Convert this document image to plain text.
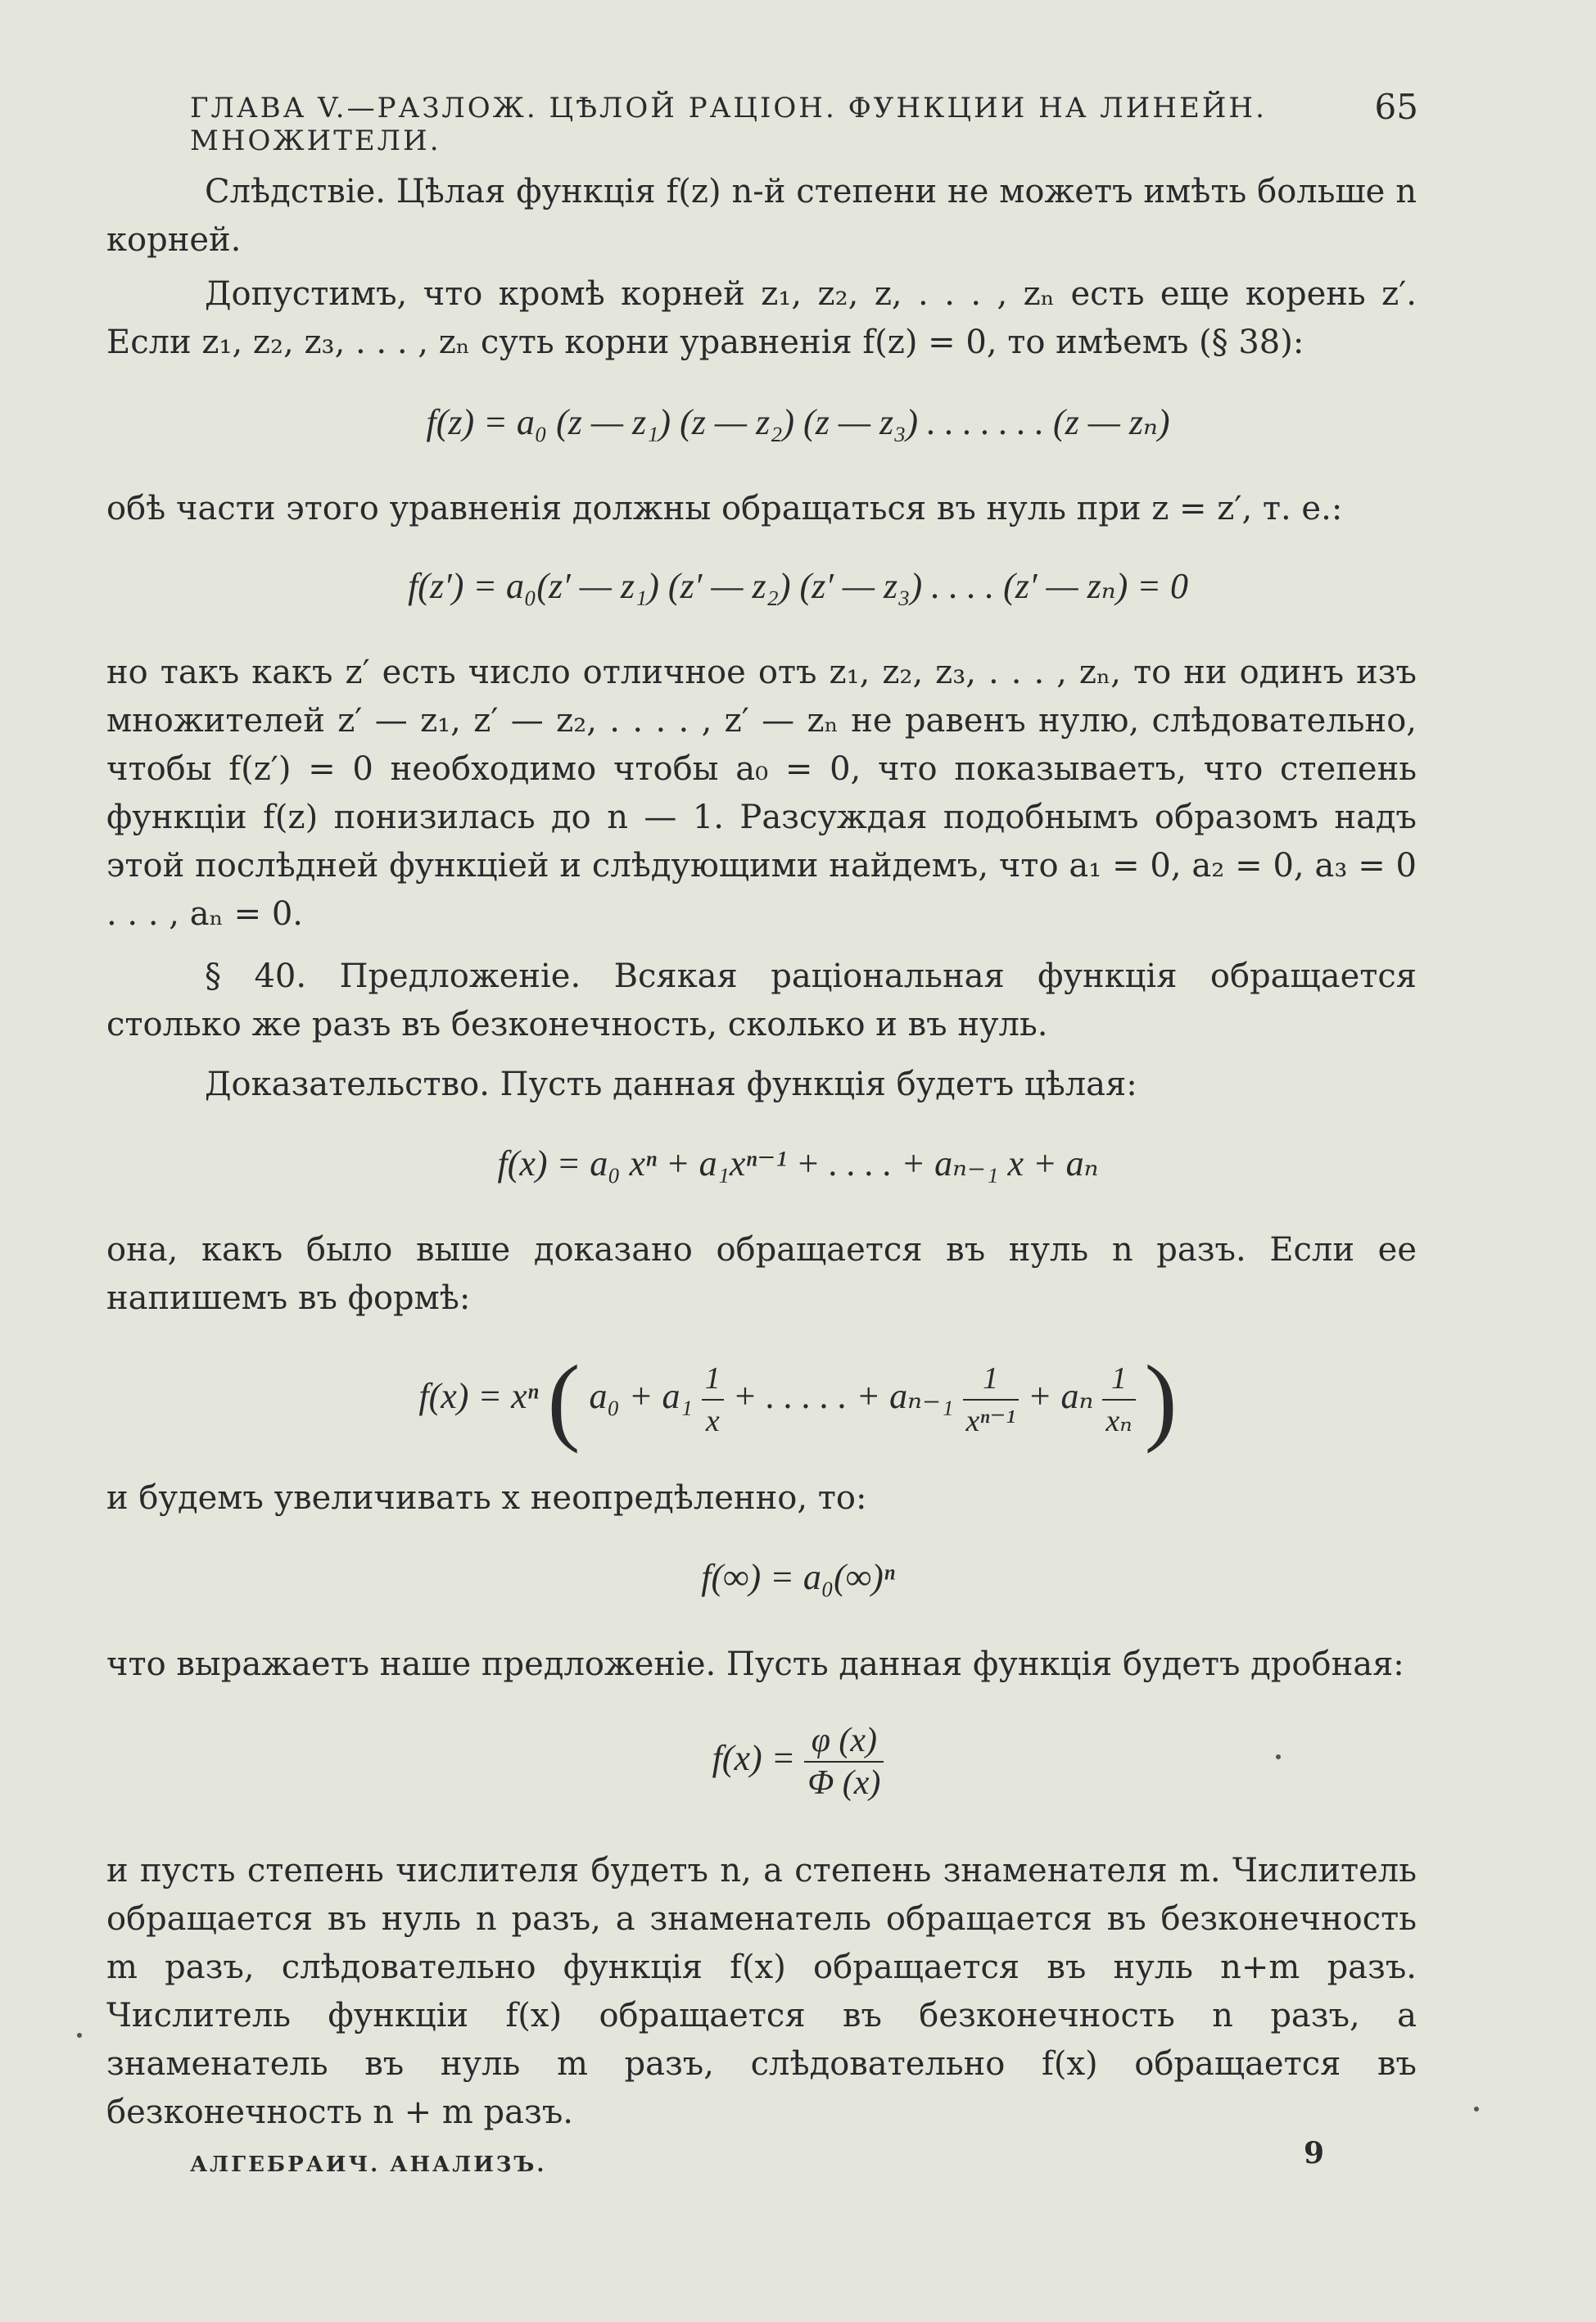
ГЛАВА V.—РАЗЛОЖ. ЦѢЛОЙ РАЦІОН. ФУНКЦИИ НА ЛИНЕЙН. МНОЖИТЕЛИ.
65
Слѣдствіе. Цѣлая функція f(z) n-й степени не можетъ имѣть больше n корней.
Допустимъ, что кромѣ корней z₁, z₂, z, . . . , zₙ есть еще корень z′. Если z₁, z₂, z₃, . . . , zₙ суть корни уравненія f(z) = 0, то имѣемъ (§ 38):
f(z) = a₀ (z — z₁) (z — z₂) (z — z₃) . . . . . . . (z — zₙ)
обѣ части этого уравненія должны обращаться въ нуль при z = z′, т. е.:
f(z′) = a₀(z′ — z₁) (z′ — z₂) (z′ — z₃) . . . . (z′ — zₙ) = 0
но такъ какъ z′ есть число отличное отъ z₁, z₂, z₃, . . . , zₙ, то ни одинъ изъ множителей z′ — z₁, z′ — z₂, . . . . , z′ — zₙ не равенъ нулю, слѣдовательно, чтобы f(z′) = 0 необходимо чтобы a₀ = 0, что показываетъ, что степень функціи f(z) понизилась до n — 1. Разсуждая подобнымъ образомъ надъ этой послѣдней функціей и слѣдующими найдемъ, что a₁ = 0, a₂ = 0, a₃ = 0 . . . , aₙ = 0.
§ 40. Предложеніе. Всякая раціональная функція обращается столько же разъ въ безконечность, сколько и въ нуль.
Доказательство. Пусть данная функція будетъ цѣлая:
f(x) = a₀ xⁿ + a₁xⁿ⁻¹ + . . . . + aₙ₋₁ x + aₙ
она, какъ было выше доказано обращается въ нуль n разъ. Если ее напишемъ въ формѣ:
f(x) = xⁿ ( $a_0 + a_1 \frac{1}{x}$ + . . . . . + $a_{n-1} \frac{1}{\text{xⁿ⁻¹}} + a_n \frac{1}{\text{xₙ}}$ )
и будемъ увеличивать x неопредѣленно, то:
f(∞) = a₀(∞)ⁿ
что выражаетъ наше предложеніе. Пусть данная функція будетъ дробная:
$f(x) = \frac{\varphi (x)}{\Phi (x)}$
и пусть степень числителя будетъ n, а степень знаменателя m. Числитель обращается въ нуль n разъ, а знаменатель обращается въ безконечность m разъ, слѣдовательно функція f(x) обращается въ нуль n+m разъ. Числитель функціи f(x) обращается въ безконечность n разъ, а знаменатель въ нуль m разъ, слѣдовательно f(x) обращается въ безконечность n + m разъ.
АЛГЕБРАИЧ. АНАЛИЗЪ.	9
